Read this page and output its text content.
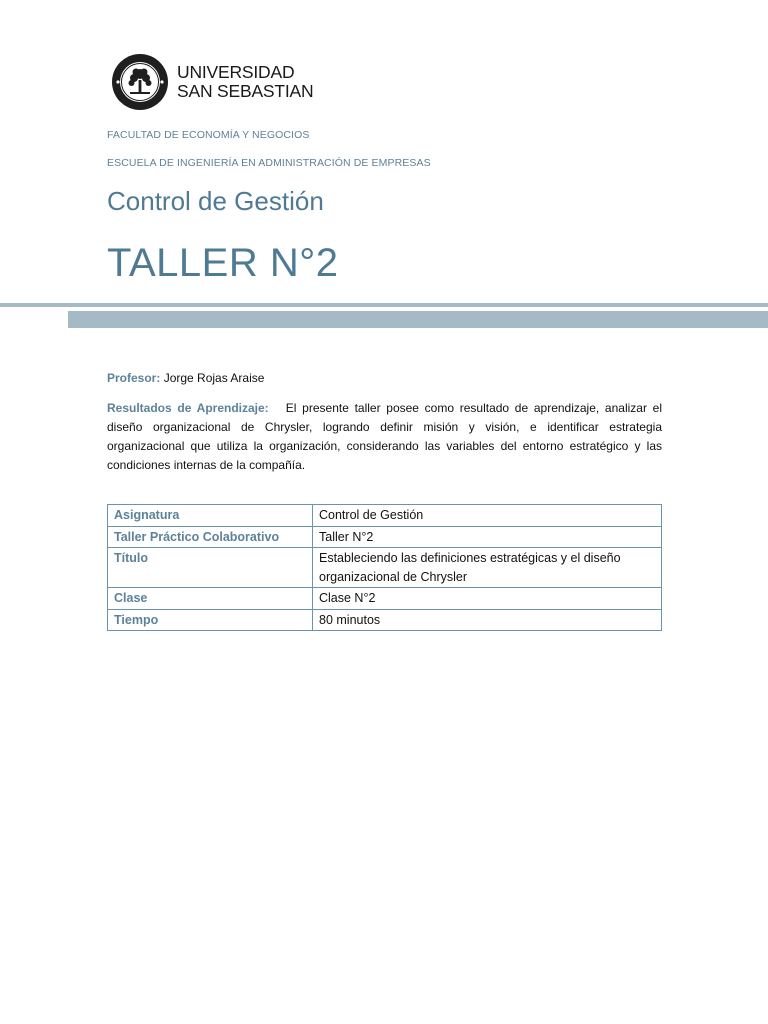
UNIVERSIDAD
SAN SEBASTIAN
FACULTAD DE ECONOMÍA Y NEGOCIOS
ESCUELA DE INGENIERÍA EN ADMINISTRACIÓN DE EMPRESAS
Control de Gestión
TALLER N°2
Profesor: Jorge Rojas Araise
Resultados de Aprendizaje: El presente taller posee como resultado de aprendizaje, analizar el diseño organizacional de Chrysler, logrando definir misión y visión, e identificar estrategia organizacional que utiliza la organización, considerando las variables del entorno estratégico y las condiciones internas de la compañía.
Asignatura	Control de Gestión
Taller Práctico Colaborativo	Taller N°2
Título	Estableciendo las definiciones estratégicas y el diseño organizacional de Chrysler
Clase	Clase N°2
Tiempo	80 minutos
